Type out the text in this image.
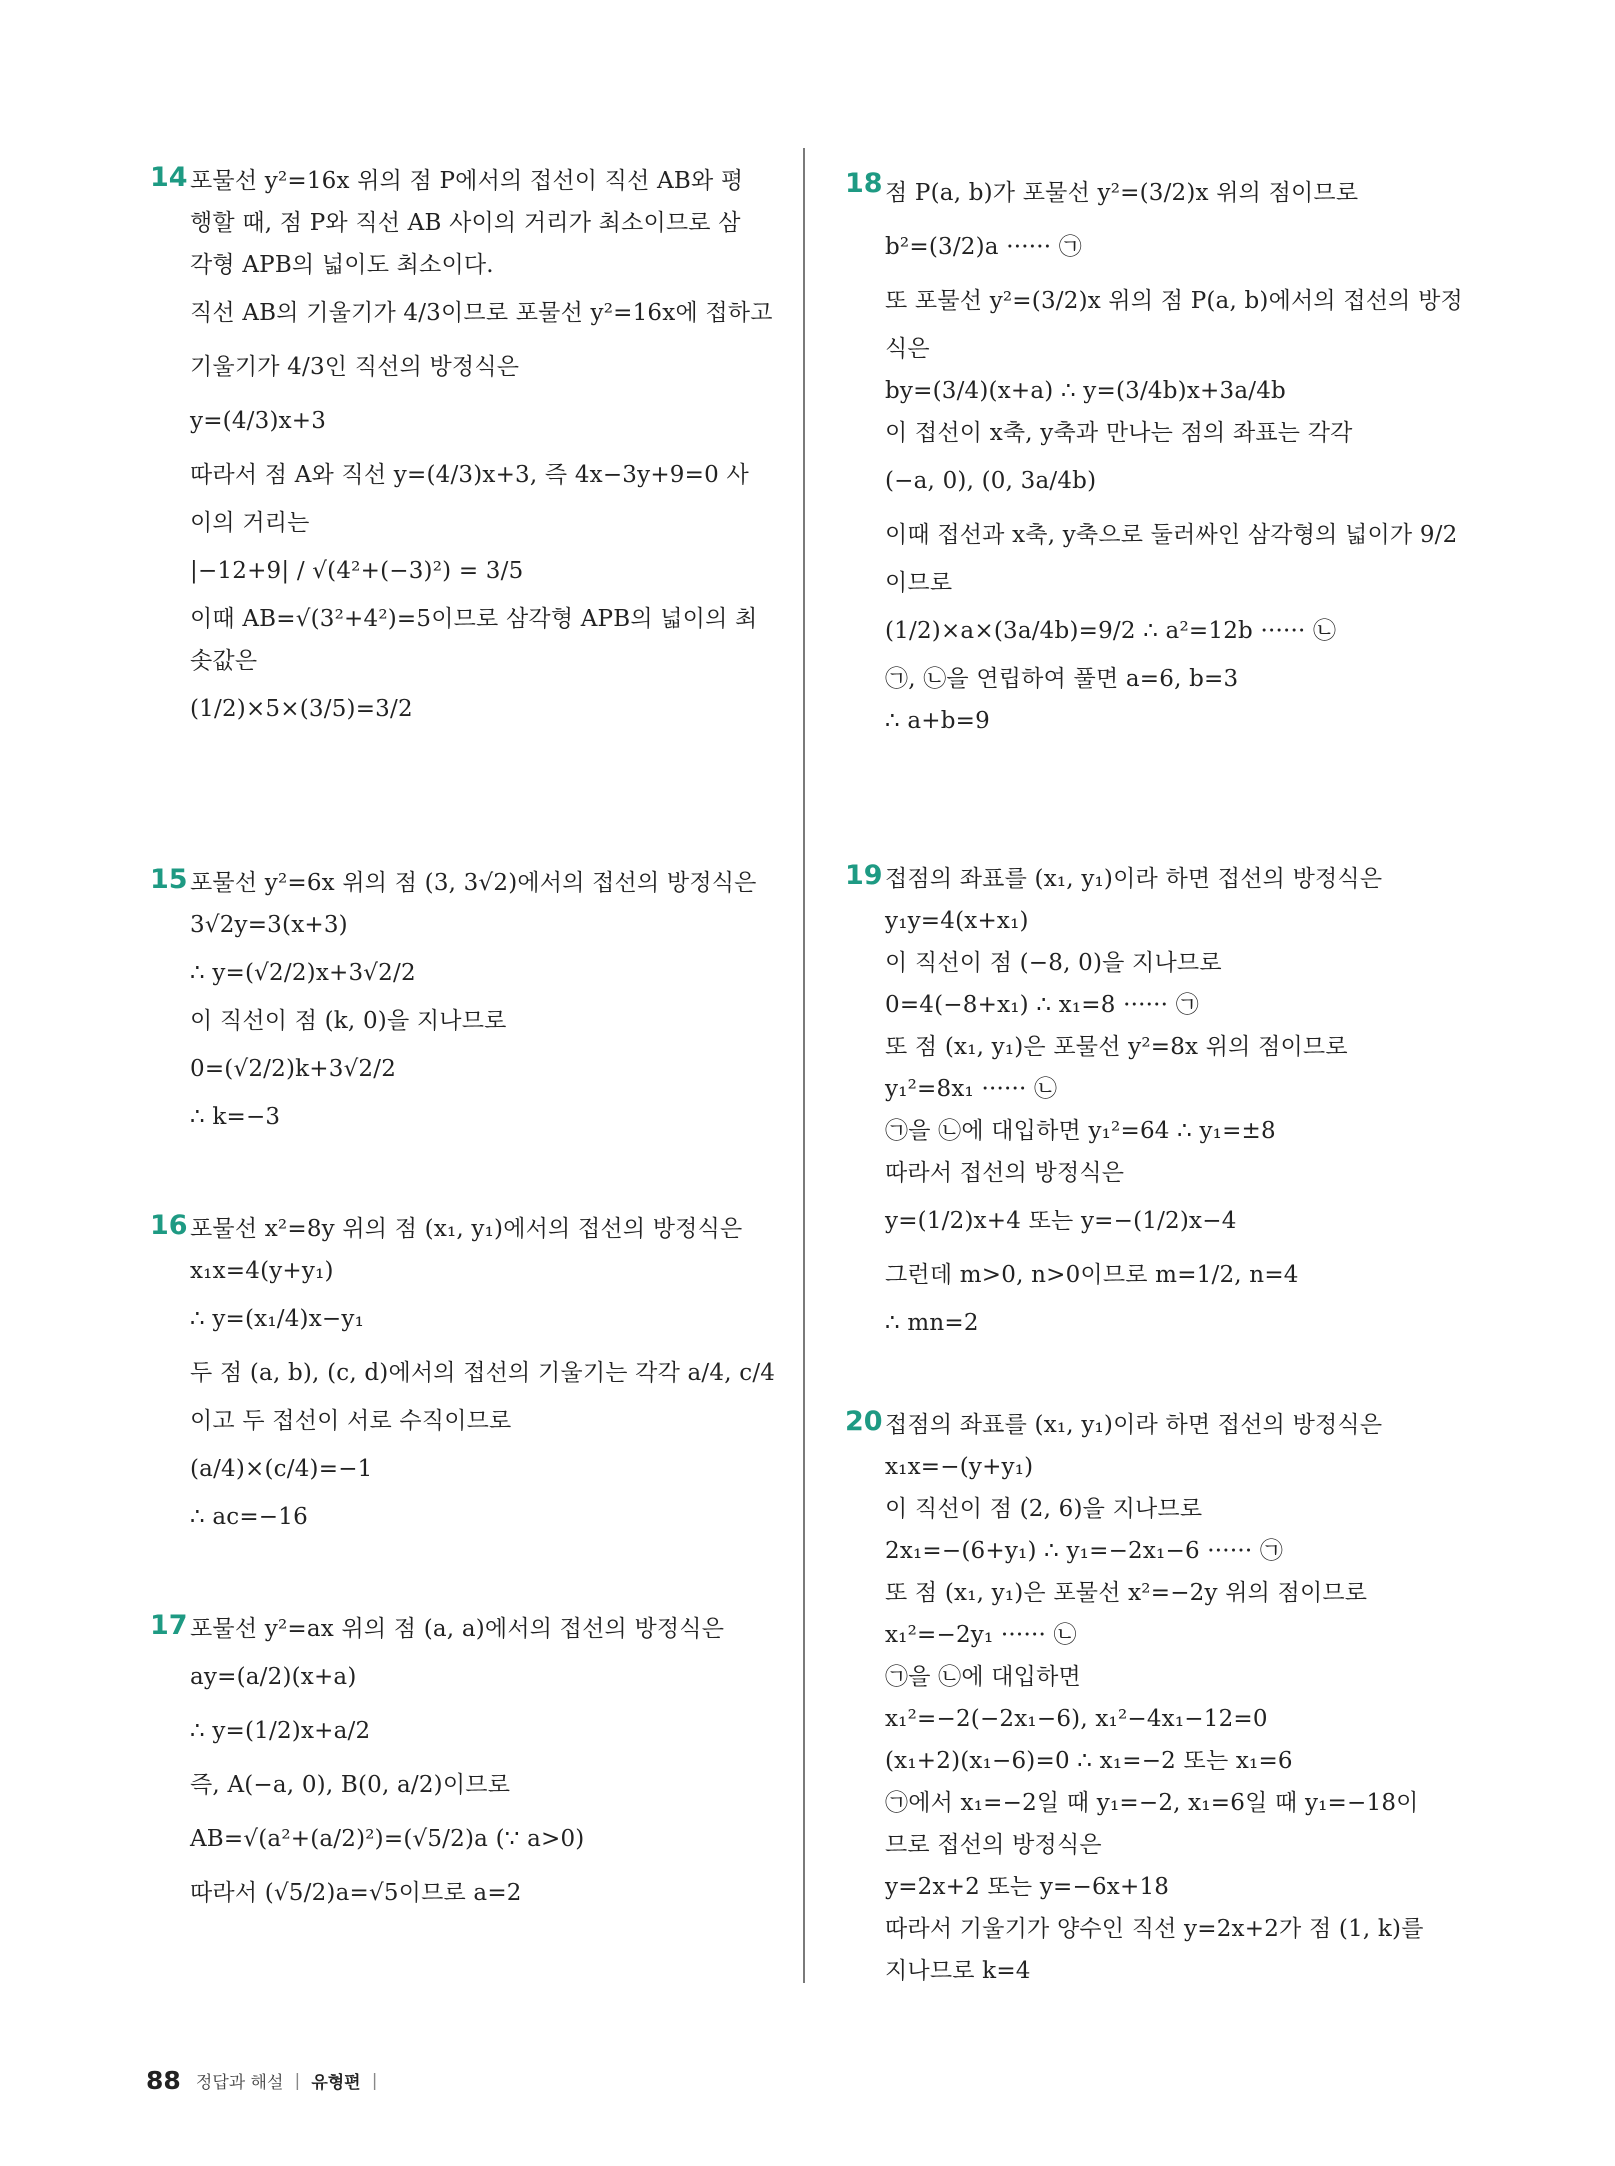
14 포물선 y²=16x 위의 점 P에서의 접선이 직선 AB와 평
행할 때, 점 P와 직선 AB 사이의 거리가 최소이므로 삼
각형 APB의 넓이도 최소이다.
직선 AB의 기울기가 4/3이므로 포물선 y²=16x에 접하고
기울기가 4/3인 직선의 방정식은
y=(4/3)x+3
따라서 점 A와 직선 y=(4/3)x+3, 즉 4x−3y+9=0 사
이의 거리는
|−12+9| / √(4²+(−3)²) = 3/5
이때 AB=√(3²+4²)=5이므로 삼각형 APB의 넓이의 최
솟값은
(1/2)×5×(3/5)=3/2
15 포물선 y²=6x 위의 점 (3, 3√2)에서의 접선의 방정식은
3√2y=3(x+3)
∴ y=(√2/2)x+3√2/2
이 직선이 점 (k, 0)을 지나므로
0=(√2/2)k+3√2/2
∴ k=−3
16 포물선 x²=8y 위의 점 (x₁, y₁)에서의 접선의 방정식은
x₁x=4(y+y₁)
∴ y=(x₁/4)x−y₁
두 점 (a, b), (c, d)에서의 접선의 기울기는 각각 a/4, c/4
이고 두 접선이 서로 수직이므로
(a/4)×(c/4)=−1
∴ ac=−16
17 포물선 y²=ax 위의 점 (a, a)에서의 접선의 방정식은
ay=(a/2)(x+a)
∴ y=(1/2)x+a/2
즉, A(−a, 0), B(0, a/2)이므로
AB=√(a²+(a/2)²)=(√5/2)a (∵ a>0)
따라서 (√5/2)a=√5이므로 a=2
18 점 P(a, b)가 포물선 y²=(3/2)x 위의 점이므로
b²=(3/2)a ······ ㉠
또 포물선 y²=(3/2)x 위의 점 P(a, b)에서의 접선의 방정
식은
by=(3/4)(x+a) ∴ y=(3/4b)x+3a/4b
이 접선이 x축, y축과 만나는 점의 좌표는 각각
(−a, 0), (0, 3a/4b)
이때 접선과 x축, y축으로 둘러싸인 삼각형의 넓이가 9/2
이므로
(1/2)×a×(3a/4b)=9/2 ∴ a²=12b ······ ㉡
㉠, ㉡을 연립하여 풀면 a=6, b=3
∴ a+b=9
19 접점의 좌표를 (x₁, y₁)이라 하면 접선의 방정식은
y₁y=4(x+x₁)
이 직선이 점 (−8, 0)을 지나므로
0=4(−8+x₁) ∴ x₁=8 ······ ㉠
또 점 (x₁, y₁)은 포물선 y²=8x 위의 점이므로
y₁²=8x₁ ······ ㉡
㉠을 ㉡에 대입하면 y₁²=64 ∴ y₁=±8
따라서 접선의 방정식은
y=(1/2)x+4 또는 y=−(1/2)x−4
그런데 m>0, n>0이므로 m=1/2, n=4
∴ mn=2
20 접점의 좌표를 (x₁, y₁)이라 하면 접선의 방정식은
x₁x=−(y+y₁)
이 직선이 점 (2, 6)을 지나므로
2x₁=−(6+y₁) ∴ y₁=−2x₁−6 ······ ㉠
또 점 (x₁, y₁)은 포물선 x²=−2y 위의 점이므로
x₁²=−2y₁ ······ ㉡
㉠을 ㉡에 대입하면
x₁²=−2(−2x₁−6), x₁²−4x₁−12=0
(x₁+2)(x₁−6)=0 ∴ x₁=−2 또는 x₁=6
㉠에서 x₁=−2일 때 y₁=−2, x₁=6일 때 y₁=−18이
므로 접선의 방정식은
y=2x+2 또는 y=−6x+18
따라서 기울기가 양수인 직선 y=2x+2가 점 (1, k)를
지나므로 k=4
88 정답과 해설 | 유형편 |
